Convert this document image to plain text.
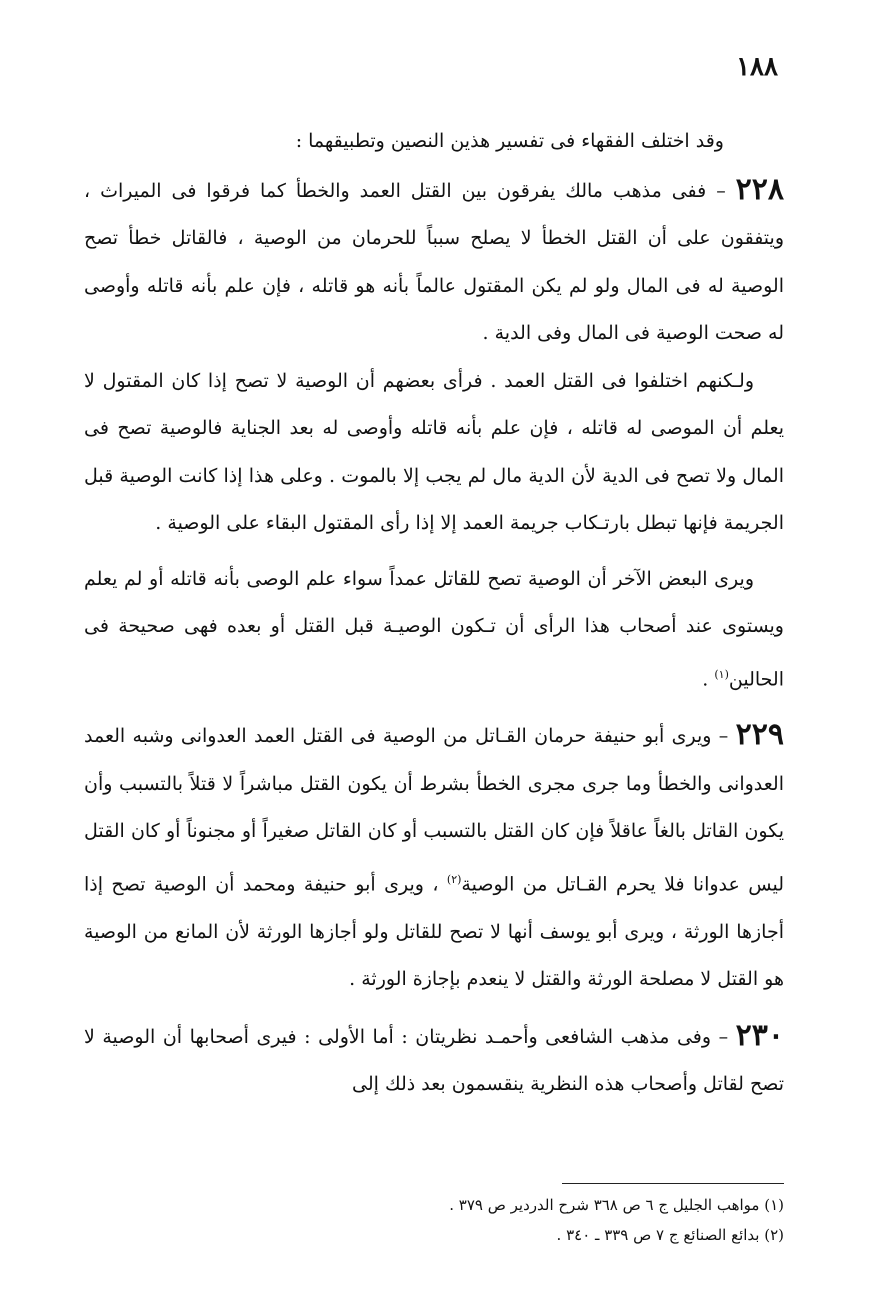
١٨٨

وقد اختلف الفقهاء فى تفسير هذين النصين وتطبيقهما :

٢٢٨ – ففى مذهب مالك يفرقون بين القتل العمد والخطأ كما فرقوا فى الميراث ، ويتفقون على أن القتل الخطأ لا يصلح سبباً للحرمان من الوصية ، فالقاتل خطأ تصح الوصية له فى المال ولو لم يكن المقتول عالماً بأنه هو قاتله ، فإن علم بأنه قاتله وأوصى له صحت الوصية فى المال وفى الدية .

ولـكنهم اختلفوا فى القتل العمد . فرأى بعضهم أن الوصية لا تصح إذا كان المقتول لا يعلم أن الموصى له قاتله ، فإن علم بأنه قاتله وأوصى له بعد الجناية فالوصية تصح فى المال ولا تصح فى الدية لأن الدية مال لم يجب إلا بالموت . وعلى هذا إذا كانت الوصية قبل الجريمة فإنها تبطل بارتـكاب جريمة العمد إلا إذا رأى المقتول البقاء على الوصية .

ويرى البعض الآخر أن الوصية تصح للقاتل عمداً سواء علم الوصى بأنه قاتله أو لم يعلم ويستوى عند أصحاب هذا الرأى أن تـكون الوصيـة قبل القتل أو بعده فهى صحيحة فى الحالين$^{(١)}$ .

٢٢٩ – ويرى أبو حنيفة حرمان القـاتل من الوصية فى القتل العمد العدوانى وشبه العمد العدوانى والخطأ وما جرى مجرى الخطأ بشرط أن يكون القتل مباشراً لا قتلاً بالتسبب وأن يكون القاتل بالغاً عاقلاً فإن كان القتل بالتسبب أو كان القاتل صغيراً أو مجنوناً أو كان القتل ليس عدوانا فلا يحرم القـاتل من الوصية$^{(٢)}$ ، ويرى أبو حنيفة ومحمد أن الوصية تصح إذا أجازها الورثة ، ويرى أبو يوسف أنها لا تصح للقاتل ولو أجازها الورثة لأن المانع من الوصية هو القتل لا مصلحة الورثة والقتل لا ينعدم بإجازة الورثة .

٢٣٠ – وفى مذهب الشافعى وأحمـد نظريتان : أما الأولى : فيرى أصحابها أن الوصية لا تصح لقاتل وأصحاب هذه النظرية ينقسمون بعد ذلك إلى

(١) مواهب الجليل ج ٦ ص ٣٦٨ شرح الدردير ص ٣٧٩ .

(٢) بدائع الصنائع ج ٧ ص ٣٣٩ ـ ٣٤٠ .
